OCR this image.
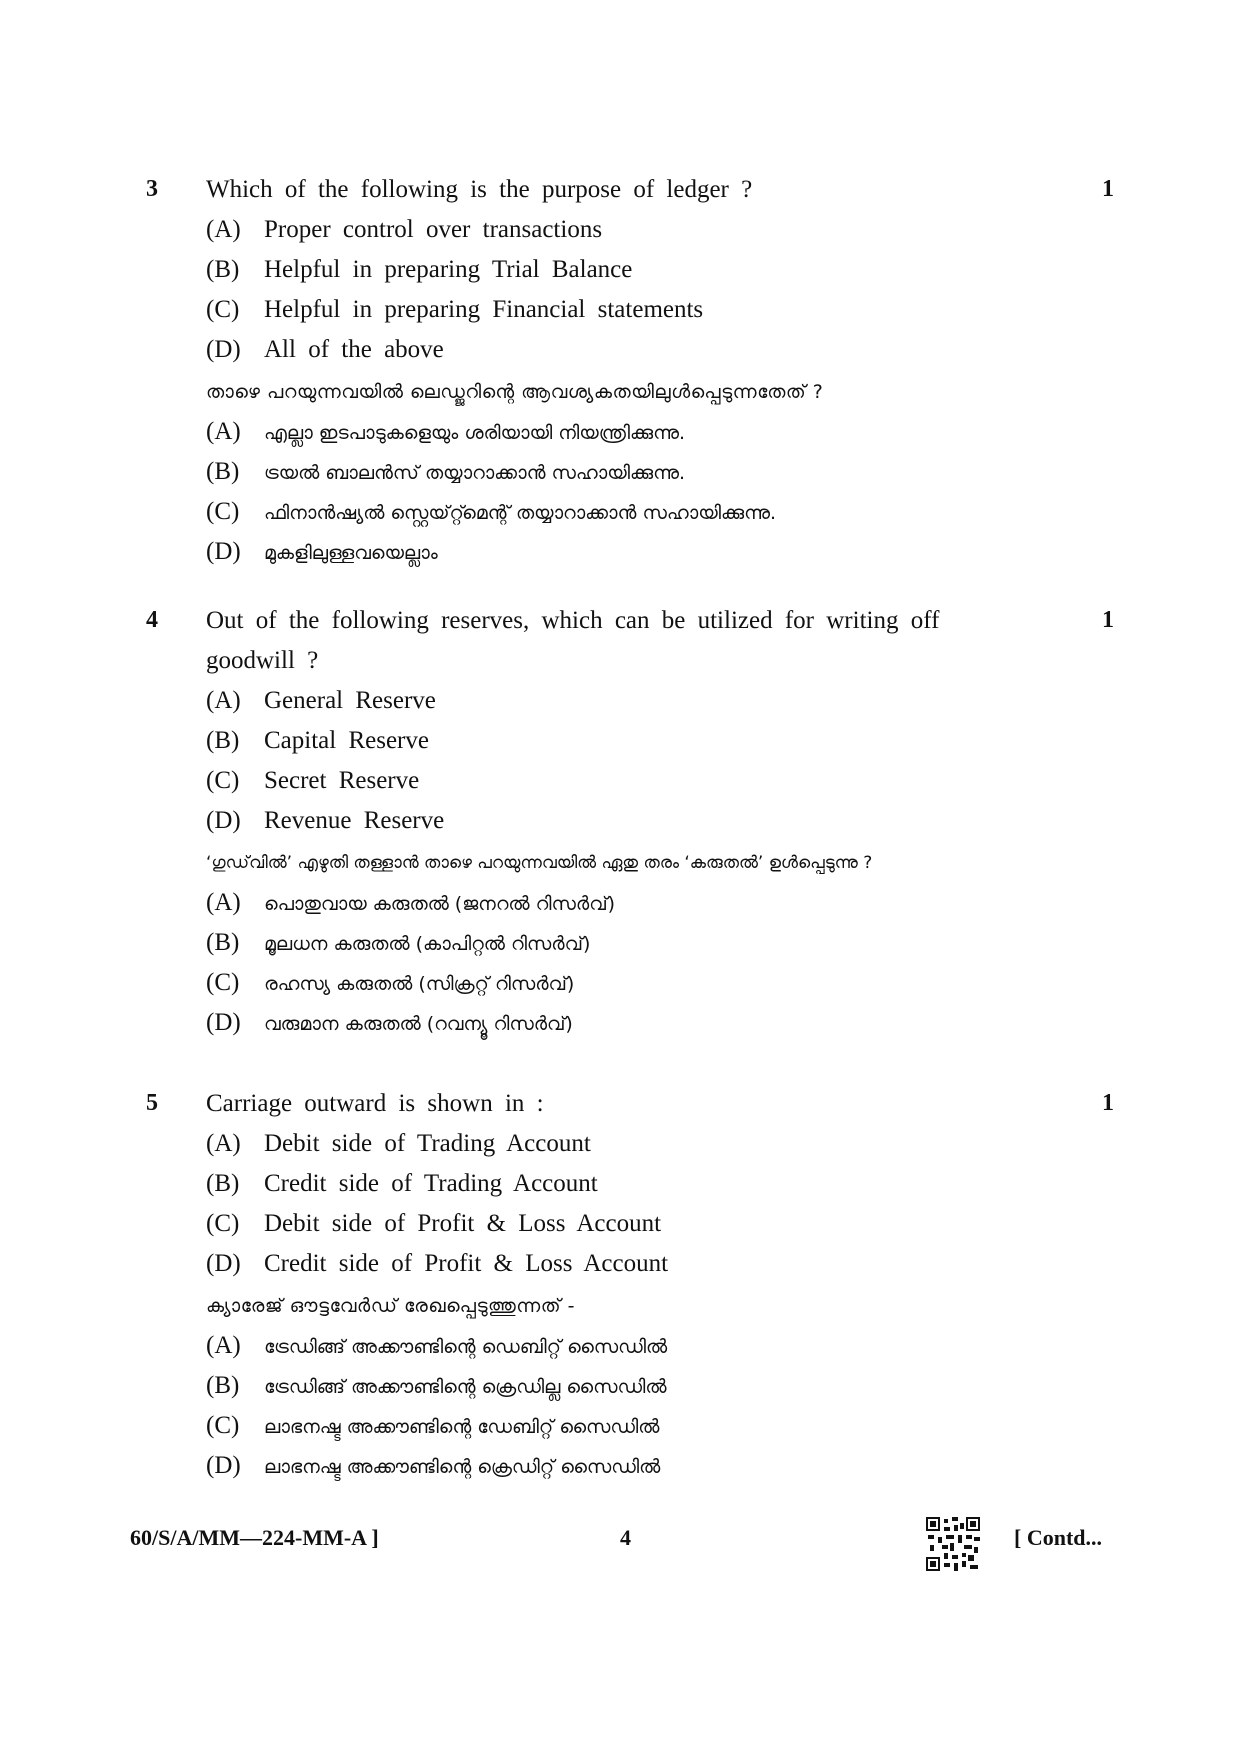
3 Which of the following is the purpose of ledger ?	1
(A) Proper control over transactions
(B) Helpful in preparing Trial Balance
(C) Helpful in preparing Financial statements
(D) All of the above
താഴെ പറയുന്നവയിൽ ലെഡ്ജറിന്റെ ആവശ്യകതയിലുൾപ്പെടുന്നതേത് ?
(A) എല്ലാ ഇടപാടുകളെയും ശരിയായി നിയന്ത്രിക്കുന്നു.
(B) ട്രയൽ ബാലൻസ് തയ്യാറാക്കാൻ സഹായിക്കുന്നു.
(C) ഫിനാൻഷ്യൽ സ്റ്റെയ്റ്റ്മെന്റ് തയ്യാറാക്കാൻ സഹായിക്കുന്നു.
(D) മുകളിലുള്ളവയെല്ലാം
4 Out of the following reserves, which can be utilized for writing off goodwill ?
1
(A) General Reserve
(B) Capital Reserve
(C) Secret Reserve
(D) Revenue Reserve
‘ഗുഡ്‌വിൽ’ എഴുതി തള്ളാൻ താഴെ പറയുന്നവയിൽ ഏതു തരം ‘കരുതൽ’ ഉൾപ്പെടുന്നു ?
(A) പൊതുവായ കരുതൽ (ജനറൽ റിസർവ്)
(B) മൂലധന കരുതൽ (കാപിറ്റൽ റിസർവ്)
(C) രഹസ്യ കരുതൽ (സിക്രറ്റ് റിസർവ്)
(D) വരുമാന കരുതൽ (റവന്യൂ റിസർവ്)
5 Carriage outward is shown in :	1
(A) Debit side of Trading Account
(B) Credit side of Trading Account
(C) Debit side of Profit & Loss Account
(D) Credit side of Profit & Loss Account
ക്യാരേജ് ഔട്ടവേർഡ് രേഖപ്പെടുത്തുന്നത് -
(A) ട്രേഡിങ്ങ് അക്കൗണ്ടിന്റെ ഡെബിറ്റ് സൈഡിൽ
(B) ട്രേഡിങ്ങ് അക്കൗണ്ടിന്റെ ക്രെഡില്ല സൈഡിൽ
(C) ലാഭനഷ്ട അക്കൗണ്ടിന്റെ ഡേബിറ്റ് സൈഡിൽ
(D) ലാഭനഷ്ട അക്കൗണ്ടിന്റെ ക്രെഡിറ്റ് സൈഡിൽ
60/S/A/MM—224-MM-A ]	4	[ Contd...
